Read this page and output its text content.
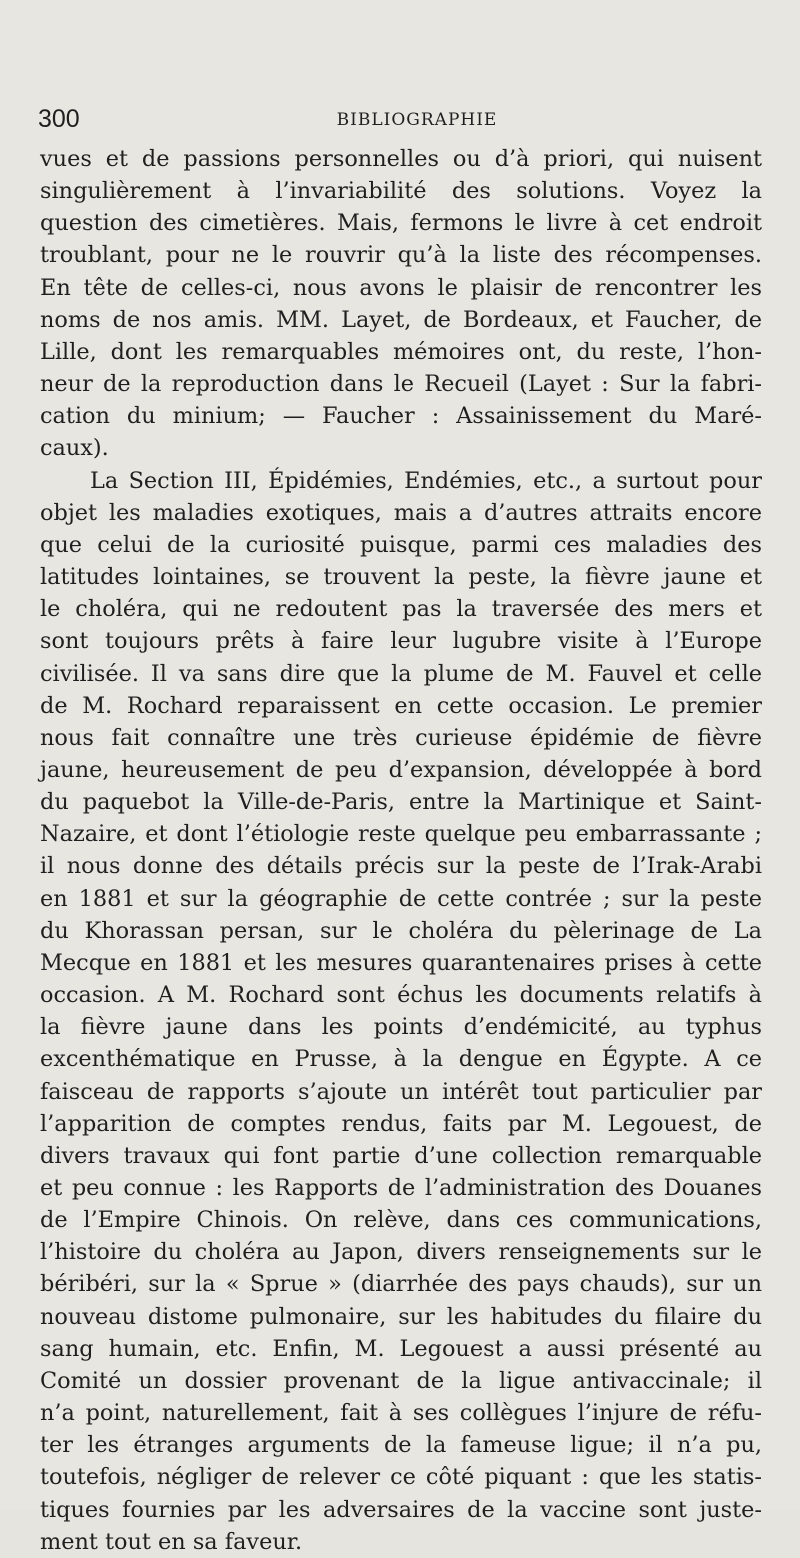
300	BIBLIOGRAPHIE
vues et de passions personnelles ou d’à priori, qui nuisent
singulièrement à l’invariabilité des solutions. Voyez la
question des cimetières. Mais, fermons le livre à cet endroit
troublant, pour ne le rouvrir qu’à la liste des récompenses.
En tête de celles-ci, nous avons le plaisir de rencontrer les
noms de nos amis. MM. Layet, de Bordeaux, et Faucher, de
Lille, dont les remarquables mémoires ont, du reste, l’hon-
neur de la reproduction dans le Recueil (Layet : Sur la fabri-
cation du minium; — Faucher : Assainissement du Maré-
caux).
La Section III, Épidémies, Endémies, etc., a surtout pour
objet les maladies exotiques, mais a d’autres attraits encore
que celui de la curiosité puisque, parmi ces maladies des
latitudes lointaines, se trouvent la peste, la fièvre jaune et
le choléra, qui ne redoutent pas la traversée des mers et
sont toujours prêts à faire leur lugubre visite à l’Europe
civilisée. Il va sans dire que la plume de M. Fauvel et celle
de M. Rochard reparaissent en cette occasion. Le premier
nous fait connaître une très curieuse épidémie de fièvre
jaune, heureusement de peu d’expansion, développée à bord
du paquebot la Ville-de-Paris, entre la Martinique et Saint-
Nazaire, et dont l’étiologie reste quelque peu embarrassante ;
il nous donne des détails précis sur la peste de l’Irak-Arabi
en 1881 et sur la géographie de cette contrée ; sur la peste
du Khorassan persan, sur le choléra du pèlerinage de La
Mecque en 1881 et les mesures quarantenaires prises à cette
occasion. A M. Rochard sont échus les documents relatifs à
la fièvre jaune dans les points d’endémicité, au typhus
excenthématique en Prusse, à la dengue en Égypte. A ce
faisceau de rapports s’ajoute un intérêt tout particulier par
l’apparition de comptes rendus, faits par M. Legouest, de
divers travaux qui font partie d’une collection remarquable
et peu connue : les Rapports de l’administration des Douanes
de l’Empire Chinois. On relève, dans ces communications,
l’histoire du choléra au Japon, divers renseignements sur le
béribéri, sur la « Sprue » (diarrhée des pays chauds), sur un
nouveau distome pulmonaire, sur les habitudes du filaire du
sang humain, etc. Enfin, M. Legouest a aussi présenté au
Comité un dossier provenant de la ligue antivaccinale; il
n’a point, naturellement, fait à ses collègues l’injure de réfu-
ter les étranges arguments de la fameuse ligue; il n’a pu,
toutefois, négliger de relever ce côté piquant : que les statis-
tiques fournies par les adversaires de la vaccine sont juste-
ment tout en sa faveur.
